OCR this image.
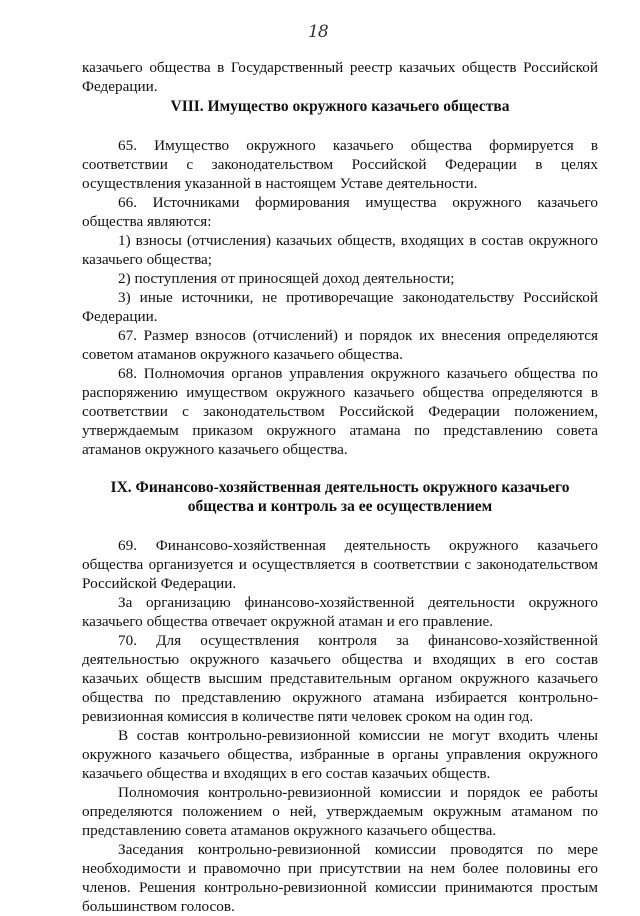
18

казачьего общества в Государственный реестр казачьих обществ Российской Федерации.

VIII. Имущество окружного казачьего общества

65. Имущество окружного казачьего общества формируется в соответствии с законодательством Российской Федерации в целях осуществления указанной в настоящем Уставе деятельности.

66. Источниками формирования имущества окружного казачьего общества являются:

1) взносы (отчисления) казачьих обществ, входящих в состав окружного казачьего общества;

2) поступления от приносящей доход деятельности;

3) иные источники, не противоречащие законодательству Российской Федерации.

67. Размер взносов (отчислений) и порядок их внесения определяются советом атаманов окружного казачьего общества.

68. Полномочия органов управления окружного казачьего общества по распоряжению имуществом окружного казачьего общества определяются в соответствии с законодательством Российской Федерации положением, утверждаемым приказом окружного атамана по представлению совета атаманов окружного казачьего общества.

IX. Финансово-хозяйственная деятельность окружного казачьего
общества и контроль за ее осуществлением

69. Финансово-хозяйственная деятельность окружного казачьего общества организуется и осуществляется в соответствии с законодательством Российской Федерации.

За организацию финансово-хозяйственной деятельности окружного казачьего общества отвечает окружной атаман и его правление.

70. Для осуществления контроля за финансово-хозяйственной деятельностью окружного казачьего общества и входящих в его состав казачьих обществ высшим представительным органом окружного казачьего общества по представлению окружного атамана избирается контрольно-ревизионная комиссия в количестве пяти человек сроком на один год.

В состав контрольно-ревизионной комиссии не могут входить члены окружного казачьего общества, избранные в органы управления окружного казачьего общества и входящих в его состав казачьих обществ.

Полномочия контрольно-ревизионной комиссии и порядок ее работы определяются положением о ней, утверждаемым окружным атаманом по представлению совета атаманов окружного казачьего общества.

Заседания контрольно-ревизионной комиссии проводятся по мере необходимости и правомочно при присутствии на нем более половины его членов. Решения контрольно-ревизионной комиссии принимаются простым большинством голосов.
